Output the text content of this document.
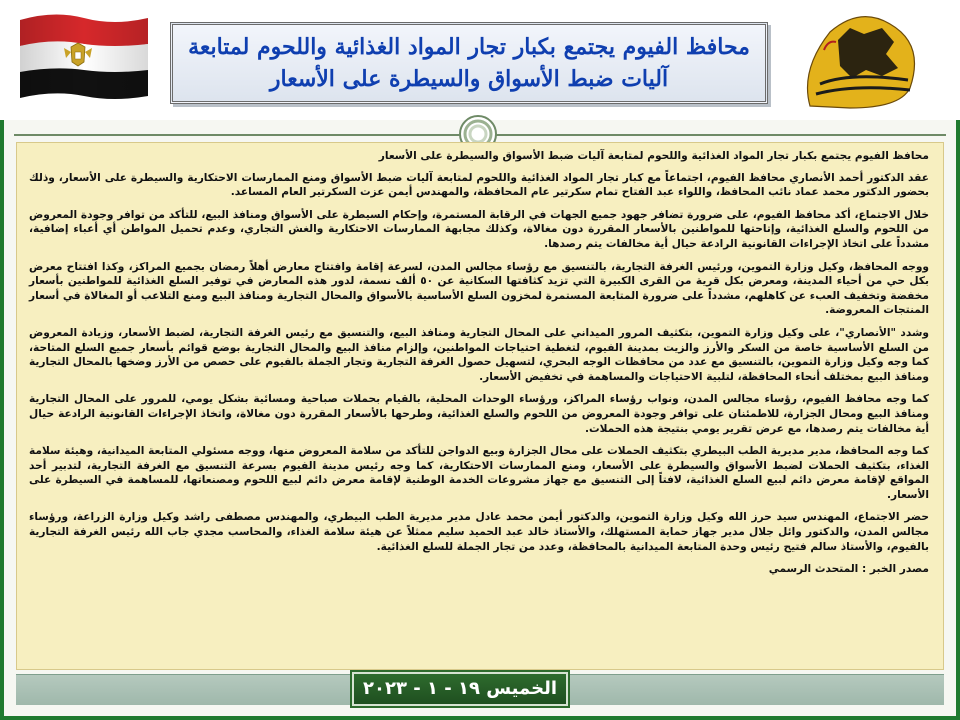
محافظ الفيوم يجتمع بكبار تجار المواد الغذائية واللحوم لمتابعة آليات ضبط الأسواق والسيطرة على الأسعار

محافظ الفيوم يجتمع بكبار تجار المواد الغذائية واللحوم لمتابعة آليات ضبط الأسواق والسيطرة على الأسعار

عقد الدكتور أحمد الأنصاري محافظ الفيوم، اجتماعاً مع كبار تجار المواد الغذائية واللحوم لمتابعة آليات ضبط الأسواق ومنع الممارسات الاحتكارية والسيطرة على الأسعار، وذلك بحضور الدكتور محمد عماد نائب المحافظ، واللواء عبد الفتاح تمام سكرتير عام المحافظة، والمهندس أيمن عزت السكرتير العام المساعد.

خلال الاجتماع، أكد محافظ الفيوم، على ضرورة تضافر جهود جميع الجهات في الرقابة المستمرة، وإحكام السيطرة على الأسواق ومنافذ البيع، للتأكد من توافر وجودة المعروض من اللحوم والسلع الغذائية، وإتاحتها للمواطنين بالأسعار المقررة دون مغالاة، وكذلك مجابهة الممارسات الاحتكارية والغش التجاري، وعدم تحميل المواطن أي أعباء إضافية، مشدداً على اتخاذ الإجراءات القانونية الرادعة حيال أية مخالفات يتم رصدها.

ووجه المحافظ، وكيل وزارة التموين، ورئيس الغرفة التجارية، بالتنسيق مع رؤساء مجالس المدن، لسرعة إقامة وافتتاح معارض أهلاً رمضان بجميع المراكز، وكذا افتتاح معرض بكل حي من أحياء المدينة، ومعرض بكل قرية من القرى الكبيرة التي تزيد كثافتها السكانية عن ٥٠ ألف نسمة، لدور هذه المعارض في توفير السلع الغذائية للمواطنين بأسعار مخفضة وتخفيف العبء عن كاهلهم، مشدداً على ضرورة المتابعة المستمرة لمخزون السلع الأساسية بالأسواق والمحال التجارية ومنافذ البيع ومنع التلاعب أو المغالاة في أسعار المنتجات المعروضة.

وشدد "الأنصاري"، على وكيل وزارة التموين، بتكثيف المرور الميداني على المحال التجارية ومنافذ البيع، والتنسيق مع رئيس الغرفة التجارية، لضبط الأسعار، وزيادة المعروض من السلع الأساسية خاصة من السكر والأرز والزيت بمدينة الفيوم، لتغطية احتياجات المواطنين، وإلزام منافذ البيع والمحال التجارية بوضع قوائم بأسعار جميع السلع المتاحة، كما وجه وكيل وزارة التموين، بالتنسيق مع عدد من محافظات الوجه البحري، لتسهيل حصول الغرفة التجارية وتجار الجملة بالفيوم على حصص من الأرز وضخها بالمحال التجارية ومنافذ البيع بمختلف أنحاء المحافظة، لتلبية الاحتياجات والمساهمة في تخفيض الأسعار.

كما وجه محافظ الفيوم، رؤساء مجالس المدن، ونواب رؤساء المراكز، ورؤساء الوحدات المحلية، بالقيام بحملات صباحية ومسائية بشكل يومي، للمرور على المحال التجارية ومنافذ البيع ومحال الجزارة، للاطمئنان على توافر وجودة المعروض من اللحوم والسلع الغذائية، وطرحها بالأسعار المقررة دون مغالاة، واتخاذ الإجراءات القانونية الرادعة حيال أية مخالفات يتم رصدها، مع عرض تقرير يومي بنتيجة هذه الحملات.

كما وجه المحافظ، مدير مديرية الطب البيطري بتكثيف الحملات على محال الجزارة وبيع الدواجن للتأكد من سلامة المعروض منها، ووجه مسئولي المتابعة الميدانية، وهيئة سلامة الغذاء، بتكثيف الحملات لضبط الأسواق والسيطرة على الأسعار، ومنع الممارسات الاحتكارية، كما وجه رئيس مدينة الفيوم بسرعة التنسيق مع الغرفة التجارية، لتدبير أحد المواقع لإقامة معرض دائم لبيع السلع الغذائية، لافتاً إلى التنسيق مع جهاز مشروعات الخدمة الوطنية لإقامة معرض دائم لبيع اللحوم ومصنعاتها، للمساهمة في السيطرة على الأسعار.

حضر الاجتماع، المهندس سيد حرز الله وكيل وزارة التموين، والدكتور أيمن محمد عادل مدير مديرية الطب البيطري، والمهندس مصطفى راشد وكيل وزارة الزراعة، ورؤساء مجالس المدن، والدكتور وائل جلال مدير جهاز حماية المستهلك، والأستاذ خالد عبد الحميد سليم ممثلاً عن هيئة سلامة الغذاء، والمحاسب مجدي جاب الله رئيس الغرفة التجارية بالفيوم، والأستاذ سالم فتيح رئيس وحدة المتابعة الميدانية بالمحافظة، وعدد من تجار الجملة للسلع الغذائية.

مصدر الخبر : المتحدث الرسمي

الخميس ١٩ - ١ - ٢٠٢٣
